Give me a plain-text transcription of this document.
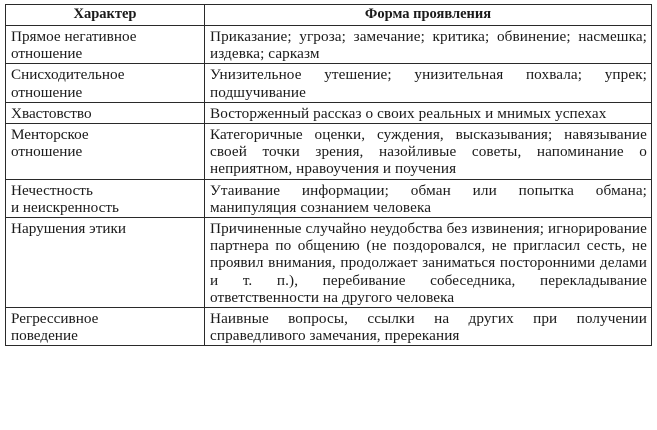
Характер	Форма проявления
Прямое негативное
отношение	Приказание; угроза; замечание; критика; обвинение; насмешка; издевка; сарказм
Снисходительное
отношение	Унизительное утешение; унизительная похвала; упрек; подшучивание
Хвастовство	Восторженный рассказ о своих реальных и мнимых успехах
Менторское
отношение	Категоричные оценки, суждения, высказывания; навязывание своей точки зрения, назойливые советы, напоминание о неприятном, нравоучения и поучения
Нечестность
и неискренность	Утаивание информации; обман или попытка обмана; манипуляция сознанием человека
Нарушения этики	Причиненные случайно неудобства без извинения; игнорирование партнера по общению (не поздоровался, не пригласил сесть, не проявил внимания, продолжает заниматься посторонними делами и т. п.), перебивание собеседника, перекладывание ответственности на другого человека
Регрессивное
поведение	Наивные вопросы, ссылки на других при получении справедливого замечания, пререкания
